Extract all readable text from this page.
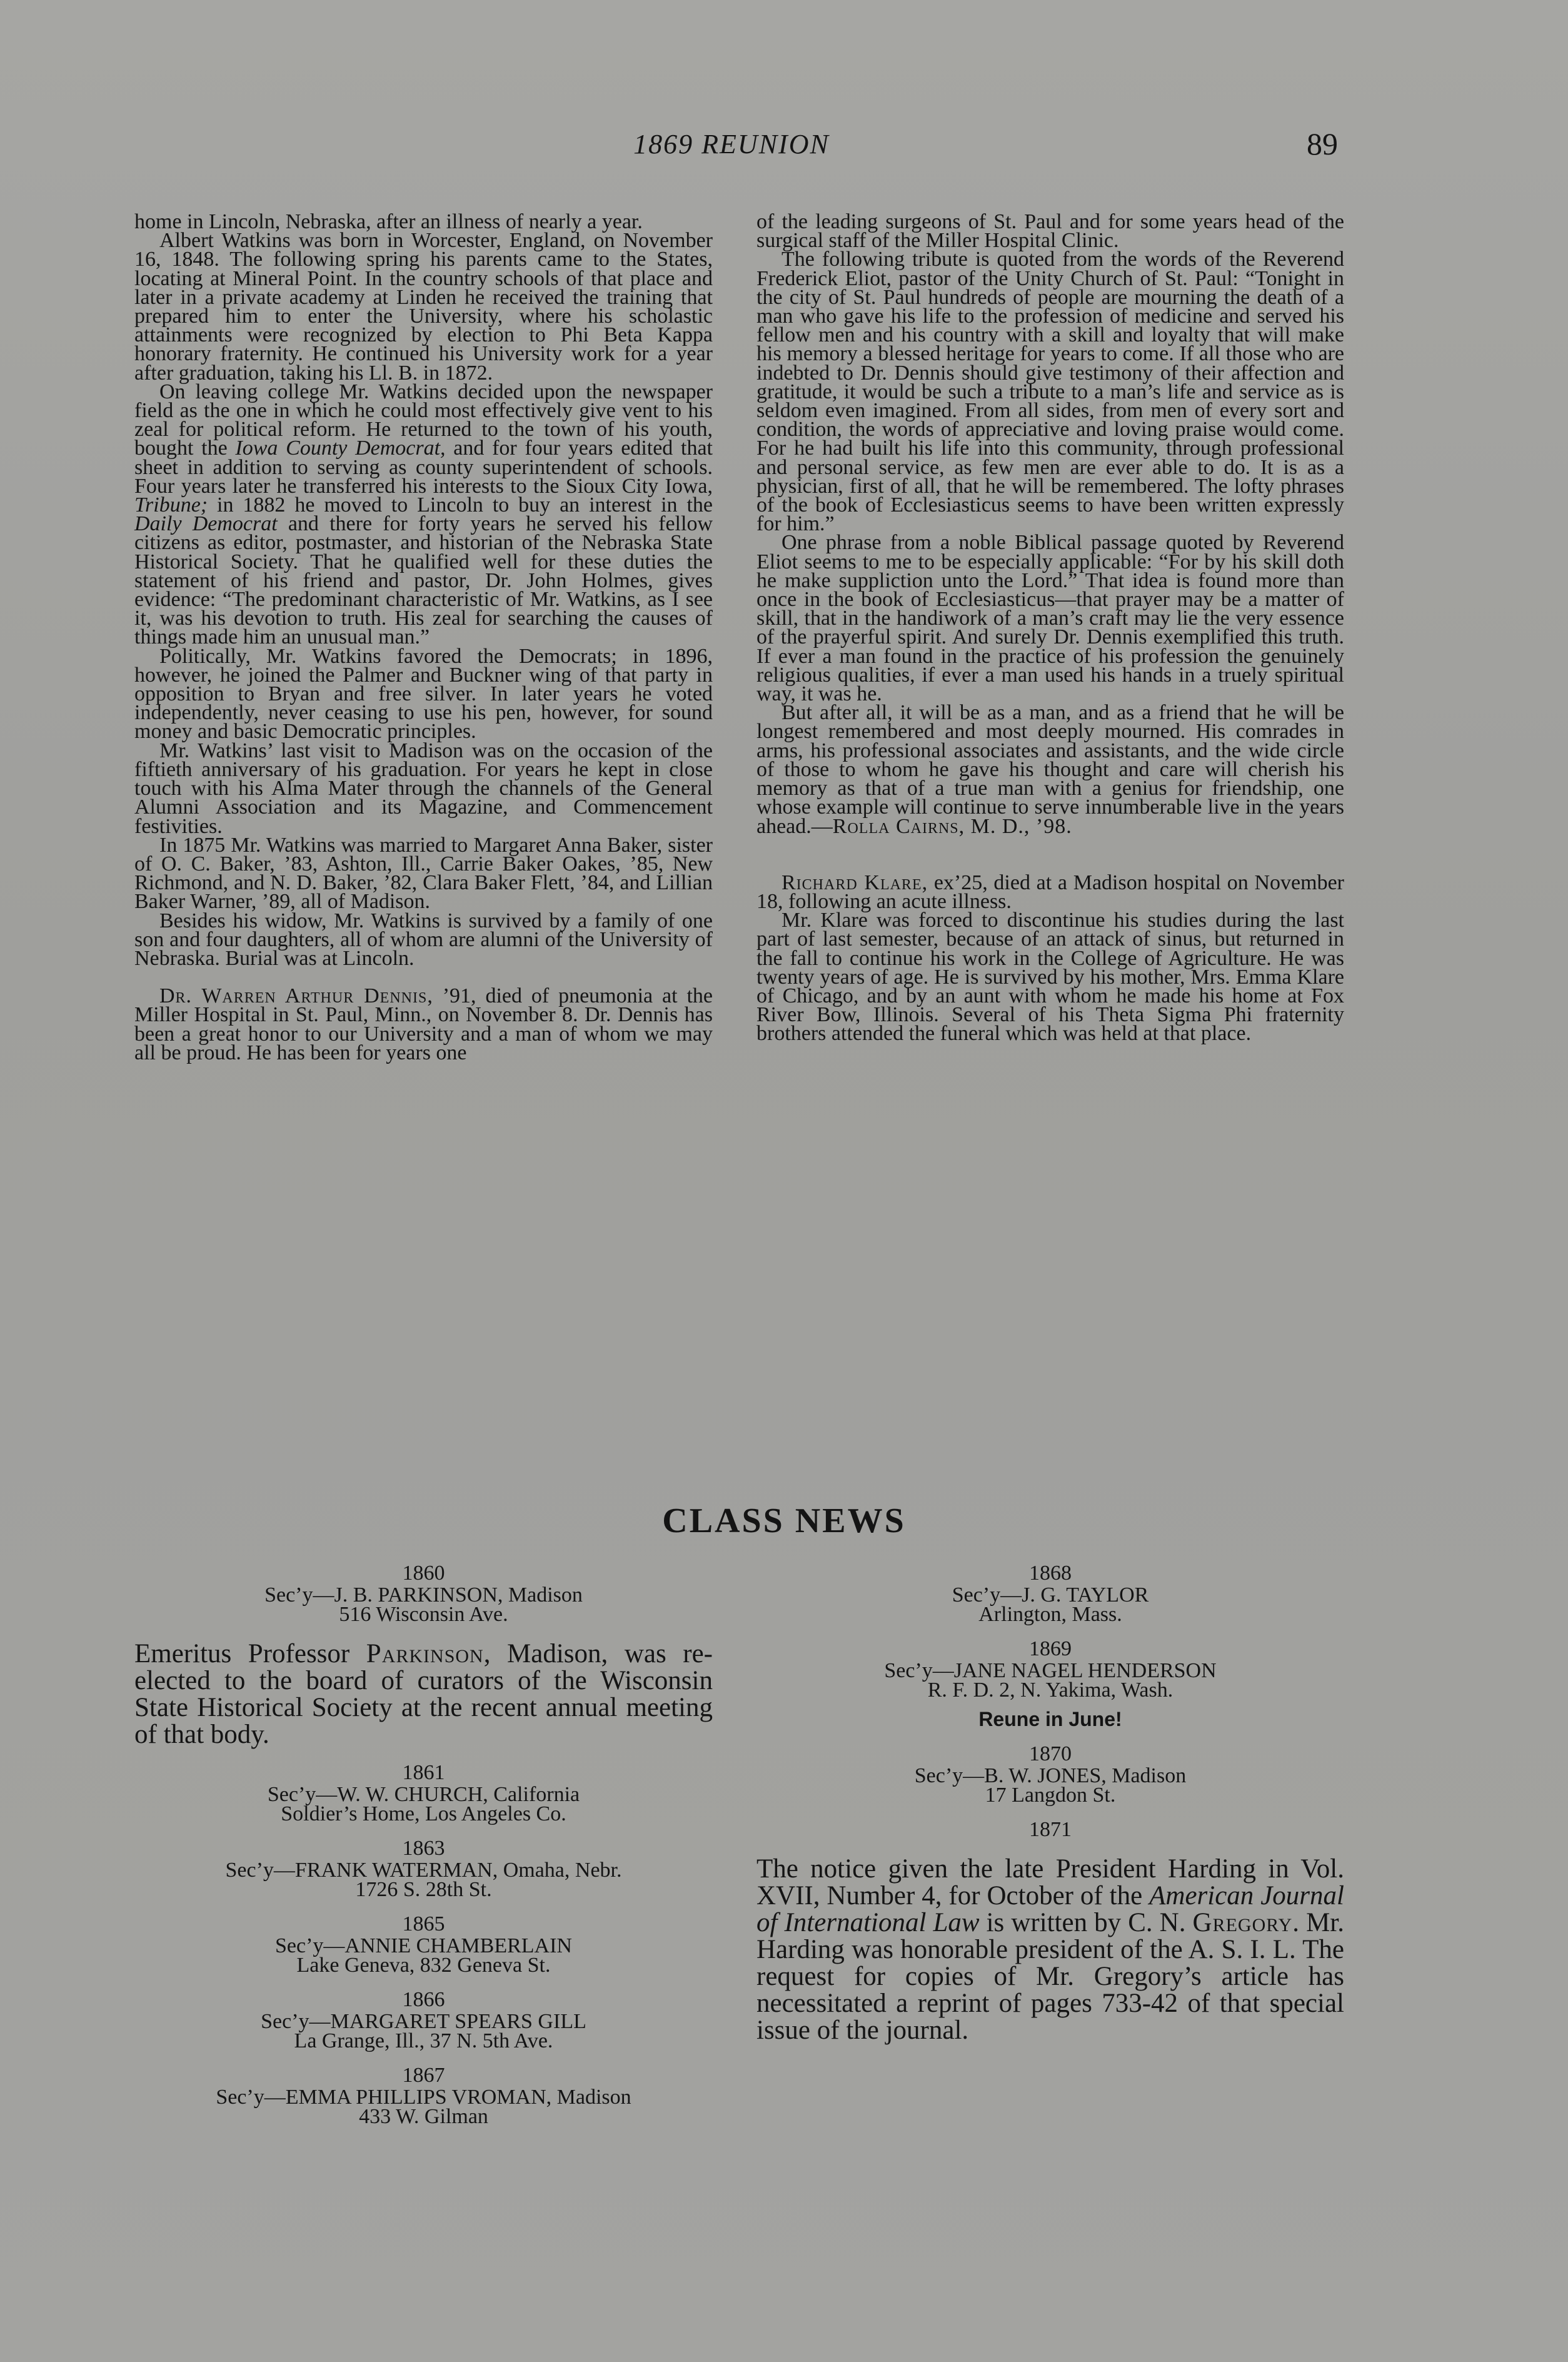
1869 REUNION	89

home in Lincoln, Nebraska, after an illness of nearly a year.

Albert Watkins was born in Worcester, England, on November 16, 1848. The following spring his parents came to the States, locating at Mineral Point. In the country schools of that place and later in a private academy at Linden he received the training that prepared him to enter the University, where his scholastic attainments were recognized by election to Phi Beta Kappa honorary fraternity. He continued his University work for a year after graduation, taking his Ll. B. in 1872.

On leaving college Mr. Watkins decided upon the newspaper field as the one in which he could most effectively give vent to his zeal for political reform. He returned to the town of his youth, bought the Iowa County Democrat, and for four years edited that sheet in addition to serving as county superintendent of schools. Four years later he transferred his interests to the Sioux City Iowa, Tribune; in 1882 he moved to Lincoln to buy an interest in the Daily Democrat and there for forty years he served his fellow citizens as editor, postmaster, and historian of the Nebraska State Historical Society. That he qualified well for these duties the statement of his friend and pastor, Dr. John Holmes, gives evidence: “The predominant characteristic of Mr. Watkins, as I see it, was his devotion to truth. His zeal for searching the causes of things made him an unusual man.”

Politically, Mr. Watkins favored the Democrats; in 1896, however, he joined the Palmer and Buckner wing of that party in opposition to Bryan and free silver. In later years he voted independently, never ceasing to use his pen, however, for sound money and basic Democratic principles.

Mr. Watkins’ last visit to Madison was on the occasion of the fiftieth anniversary of his graduation. For years he kept in close touch with his Alma Mater through the channels of the General Alumni Association and its Magazine, and Commencement festivities.

In 1875 Mr. Watkins was married to Margaret Anna Baker, sister of O. C. Baker, ’83, Ashton, Ill., Carrie Baker Oakes, ’85, New Richmond, and N. D. Baker, ’82, Clara Baker Flett, ’84, and Lillian Baker Warner, ’89, all of Madison.

Besides his widow, Mr. Watkins is survived by a family of one son and four daughters, all of whom are alumni of the University of Nebraska. Burial was at Lincoln.

Dr. Warren Arthur Dennis, ’91, died of pneumonia at the Miller Hospital in St. Paul, Minn., on November 8. Dr. Dennis has been a great honor to our University and a man of whom we may all be proud. He has been for years one

of the leading surgeons of St. Paul and for some years head of the surgical staff of the Miller Hospital Clinic.

The following tribute is quoted from the words of the Reverend Frederick Eliot, pastor of the Unity Church of St. Paul: “Tonight in the city of St. Paul hundreds of people are mourning the death of a man who gave his life to the profession of medicine and served his fellow men and his country with a skill and loyalty that will make his memory a blessed heritage for years to come. If all those who are indebted to Dr. Dennis should give testimony of their affection and gratitude, it would be such a tribute to a man’s life and service as is seldom even imagined. From all sides, from men of every sort and condition, the words of appreciative and loving praise would come. For he had built his life into this community, through professional and personal service, as few men are ever able to do. It is as a physician, first of all, that he will be remembered. The lofty phrases of the book of Ecclesiasticus seems to have been written expressly for him.”

One phrase from a noble Biblical passage quoted by Reverend Eliot seems to me to be especially applicable: “For by his skill doth he make suppliction unto the Lord.” That idea is found more than once in the book of Ecclesiasticus—that prayer may be a matter of skill, that in the handiwork of a man’s craft may lie the very essence of the prayerful spirit. And surely Dr. Dennis exemplified this truth. If ever a man found in the practice of his profession the genuinely religious qualities, if ever a man used his hands in a truely spiritual way, it was he.

But after all, it will be as a man, and as a friend that he will be longest remembered and most deeply mourned. His comrades in arms, his professional associates and assistants, and the wide circle of those to whom he gave his thought and care will cherish his memory as that of a true man with a genius for friendship, one whose example will continue to serve innumberable live in the years ahead.—Rolla Cairns, M. D., ’98.

Richard Klare, ex’25, died at a Madison hospital on November 18, following an acute illness.

Mr. Klare was forced to discontinue his studies during the last part of last semester, because of an attack of sinus, but returned in the fall to continue his work in the College of Agriculture. He was twenty years of age. He is survived by his mother, Mrs. Emma Klare of Chicago, and by an aunt with whom he made his home at Fox River Bow, Illinois. Several of his Theta Sigma Phi fraternity brothers attended the funeral which was held at that place.

CLASS NEWS
1860
Sec’y—J. B. PARKINSON, Madison
516 Wisconsin Ave.
Emeritus Professor Parkinson, Madison, was re-elected to the board of curators of the Wisconsin State Historical Society at the recent annual meeting of that body.
1861
Sec’y—W. W. CHURCH, California
Soldier’s Home, Los Angeles Co.
1863
Sec’y—FRANK WATERMAN, Omaha, Nebr.
1726 S. 28th St.
1865
Sec’y—ANNIE CHAMBERLAIN
Lake Geneva, 832 Geneva St.
1866
Sec’y—MARGARET SPEARS GILL
La Grange, Ill., 37 N. 5th Ave.
1867
Sec’y—EMMA PHILLIPS VROMAN, Madison
433 W. Gilman
1868
Sec’y—J. G. TAYLOR
Arlington, Mass.
1869
Sec’y—JANE NAGEL HENDERSON
R. F. D. 2, N. Yakima, Wash.
Reune in June!
1870
Sec’y—B. W. JONES, Madison
17 Langdon St.
1871
The notice given the late President Harding in Vol. XVII, Number 4, for October of the American Journal of International Law is written by C. N. Gregory. Mr. Harding was honorable president of the A. S. I. L. The request for copies of Mr. Gregory’s article has necessitated a reprint of pages 733-42 of that special issue of the journal.
